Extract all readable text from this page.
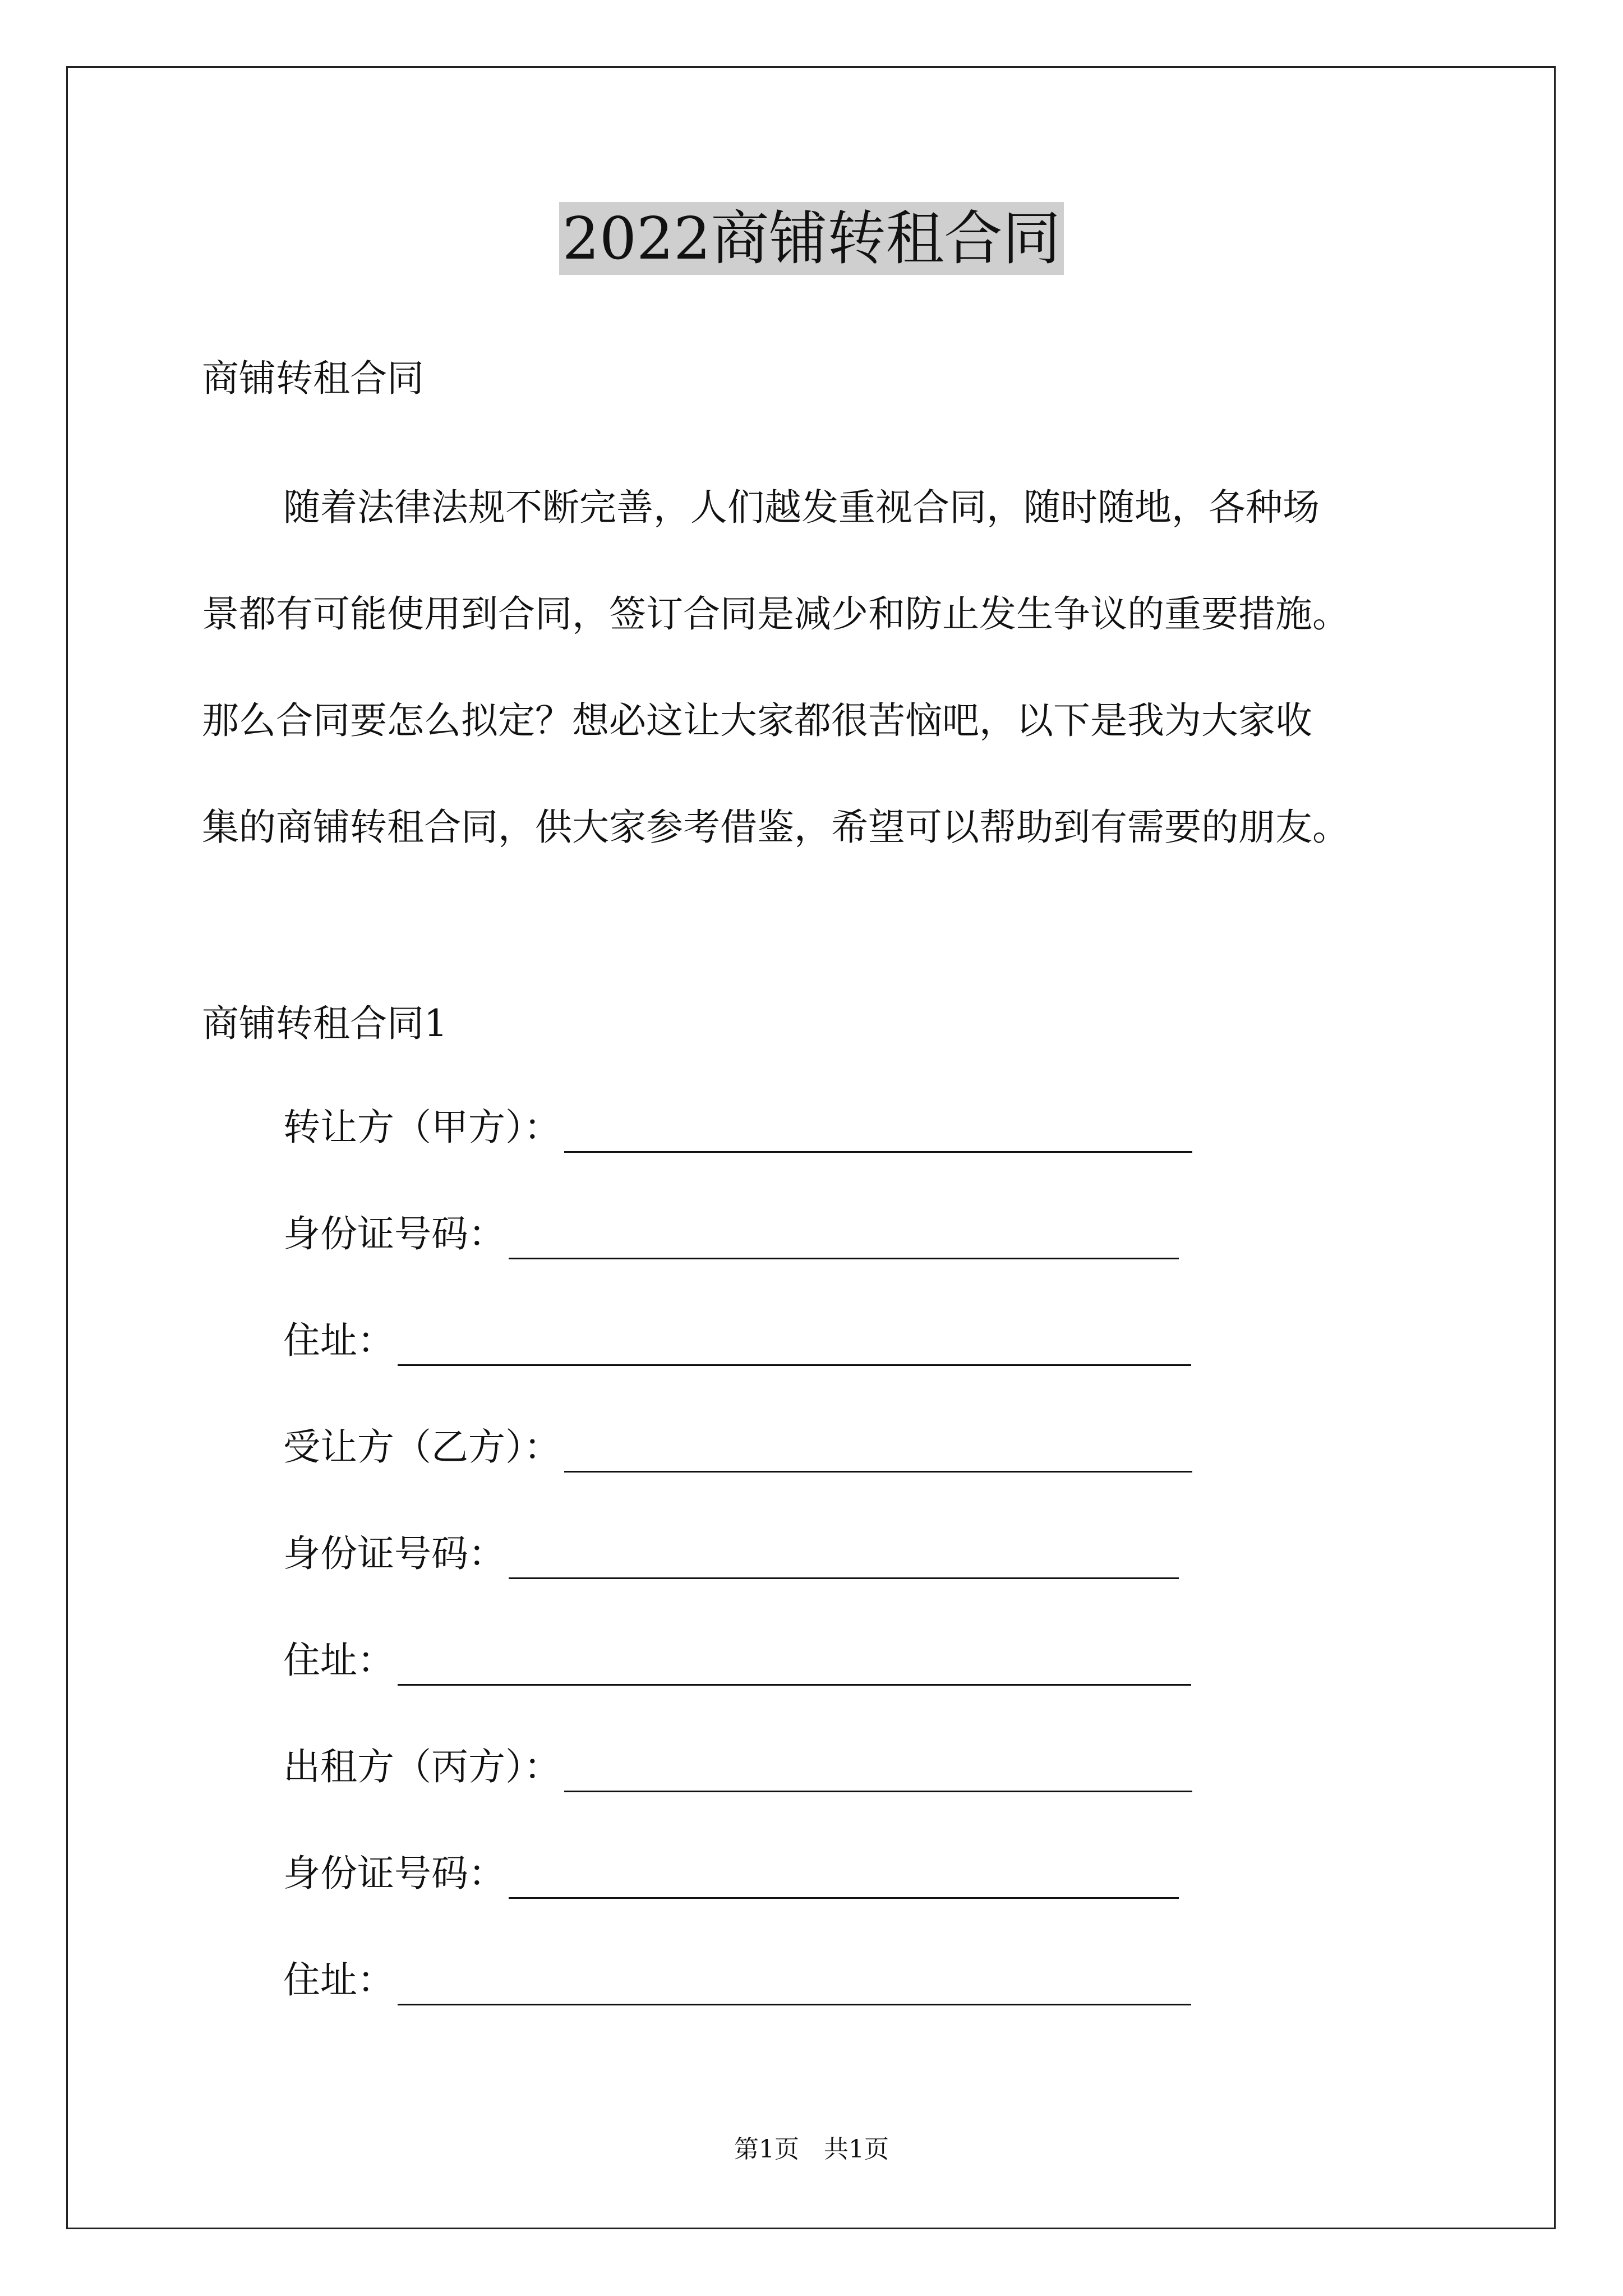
2022商铺转租合同
商铺转租合同
随着法律法规不断完善，人们越发重视合同，随时随地，各种场
景都有可能使用到合同，签订合同是减少和防止发生争议的重要措施。
那么合同要怎么拟定？想必这让大家都很苦恼吧，以下是我为大家收
集的商铺转租合同，供大家参考借鉴，希望可以帮助到有需要的朋友。
商铺转租合同1
转让方（甲方）：
身份证号码：
住址：
受让方（乙方）：
身份证号码：
住址：
出租方（丙方）：
身份证号码：
住址：
第1页　共1页
